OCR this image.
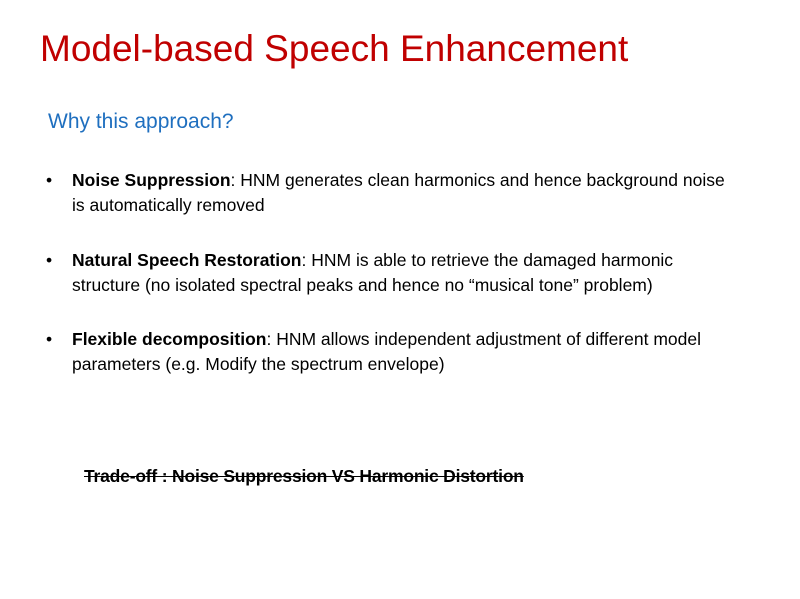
Model-based Speech Enhancement
Why this approach?
• Noise Suppression: HNM generates clean harmonics and hence background noise is automatically removed
• Natural Speech Restoration: HNM is able to retrieve the damaged harmonic structure (no isolated spectral peaks and hence no “musical tone” problem)
• Flexible decomposition: HNM allows independent adjustment of different model parameters (e.g. Modify the spectrum envelope)
Trade-off : Noise Suppression VS Harmonic Distortion
